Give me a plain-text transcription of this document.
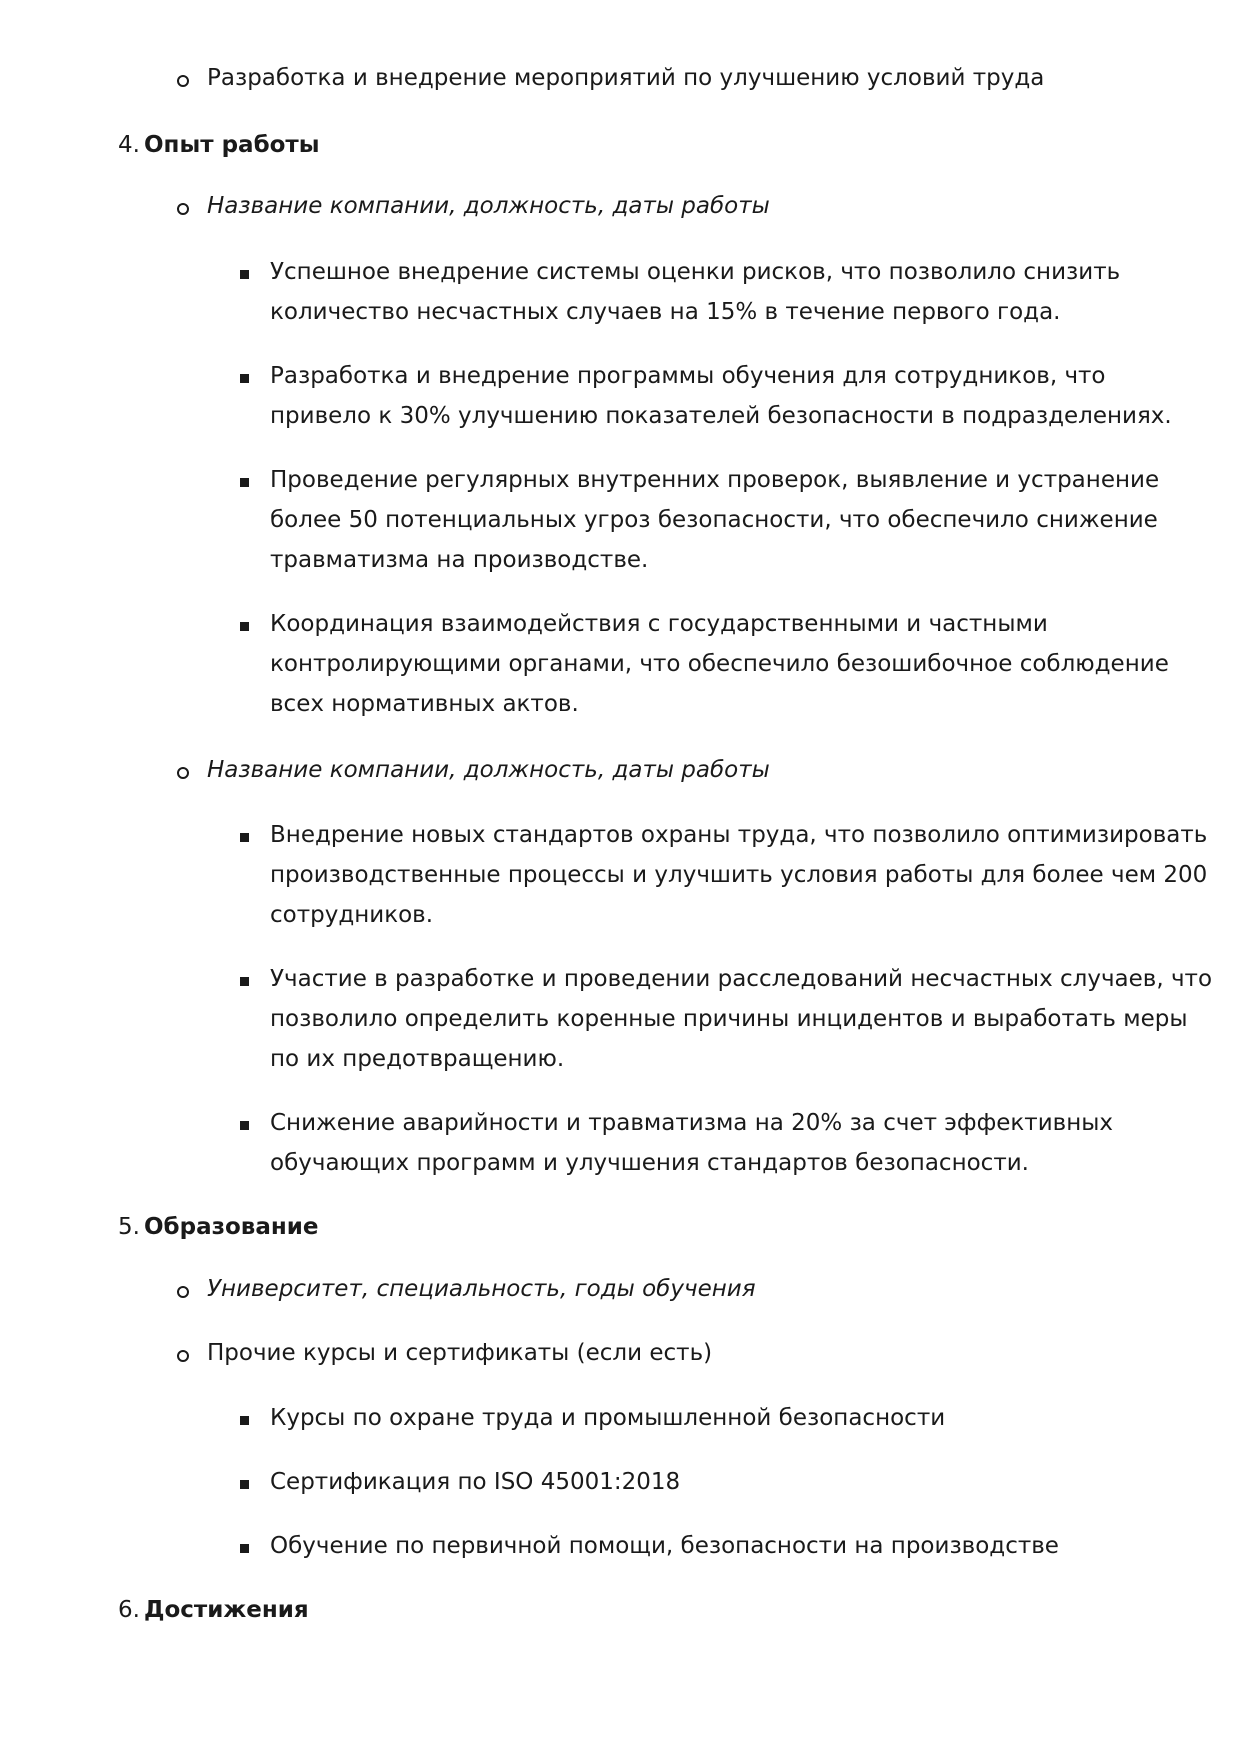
Разработка и внедрение мероприятий по улучшению условий труда
4. Опыт работы
Название компании, должность, даты работы
Успешное внедрение системы оценки рисков, что позволило снизить
количество несчастных случаев на 15% в течение первого года.
Разработка и внедрение программы обучения для сотрудников, что
привело к 30% улучшению показателей безопасности в подразделениях.
Проведение регулярных внутренних проверок, выявление и устранение
более 50 потенциальных угроз безопасности, что обеспечило снижение
травматизма на производстве.
Координация взаимодействия с государственными и частными
контролирующими органами, что обеспечило безошибочное соблюдение
всех нормативных актов.
Название компании, должность, даты работы
Внедрение новых стандартов охраны труда, что позволило оптимизировать
производственные процессы и улучшить условия работы для более чем 200
сотрудников.
Участие в разработке и проведении расследований несчастных случаев, что
позволило определить коренные причины инцидентов и выработать меры
по их предотвращению.
Снижение аварийности и травматизма на 20% за счет эффективных
обучающих программ и улучшения стандартов безопасности.
5. Образование
Университет, специальность, годы обучения
Прочие курсы и сертификаты (если есть)
Курсы по охране труда и промышленной безопасности
Сертификация по ISO 45001:2018
Обучение по первичной помощи, безопасности на производстве
6. Достижения
